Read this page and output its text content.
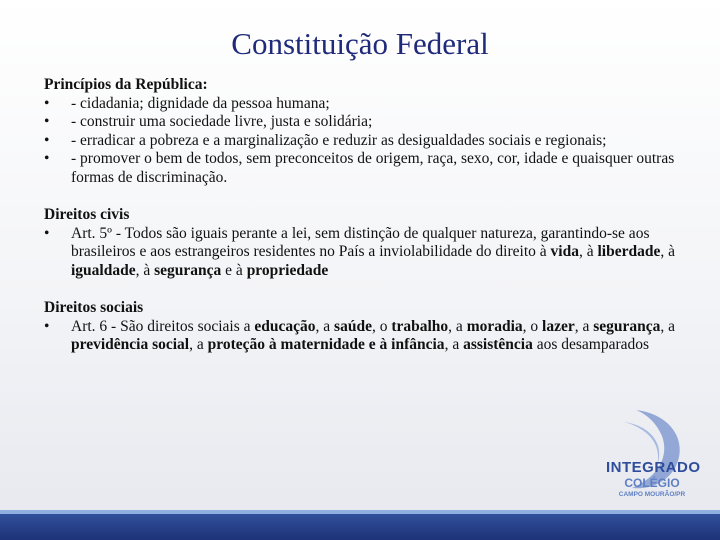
Constituição Federal

Princípios da República:

• - cidadania; dignidade da pessoa humana;
• - construir uma sociedade livre, justa e solidária;
• - erradicar a pobreza e a marginalização e reduzir as desigualdades sociais e regionais;
• - promover o bem de todos, sem preconceitos de origem, raça, sexo, cor, idade e quaisquer outras formas de discriminação.

Direitos civis

• Art. 5º - Todos são iguais perante a lei, sem distinção de qualquer natureza, garantindo-se aos brasileiros e aos estrangeiros residentes no País a inviolabilidade do direito à vida, à liberdade, à igualdade, à segurança e à propriedade

Direitos sociais

• Art. 6 - São direitos sociais a educação, a saúde, o trabalho, a moradia, o lazer, a segurança, a previdência social, a proteção à maternidade e à infância, a assistência aos desamparados
INTEGRADO
COLÉGIO
CAMPO MOURÃO/PR
